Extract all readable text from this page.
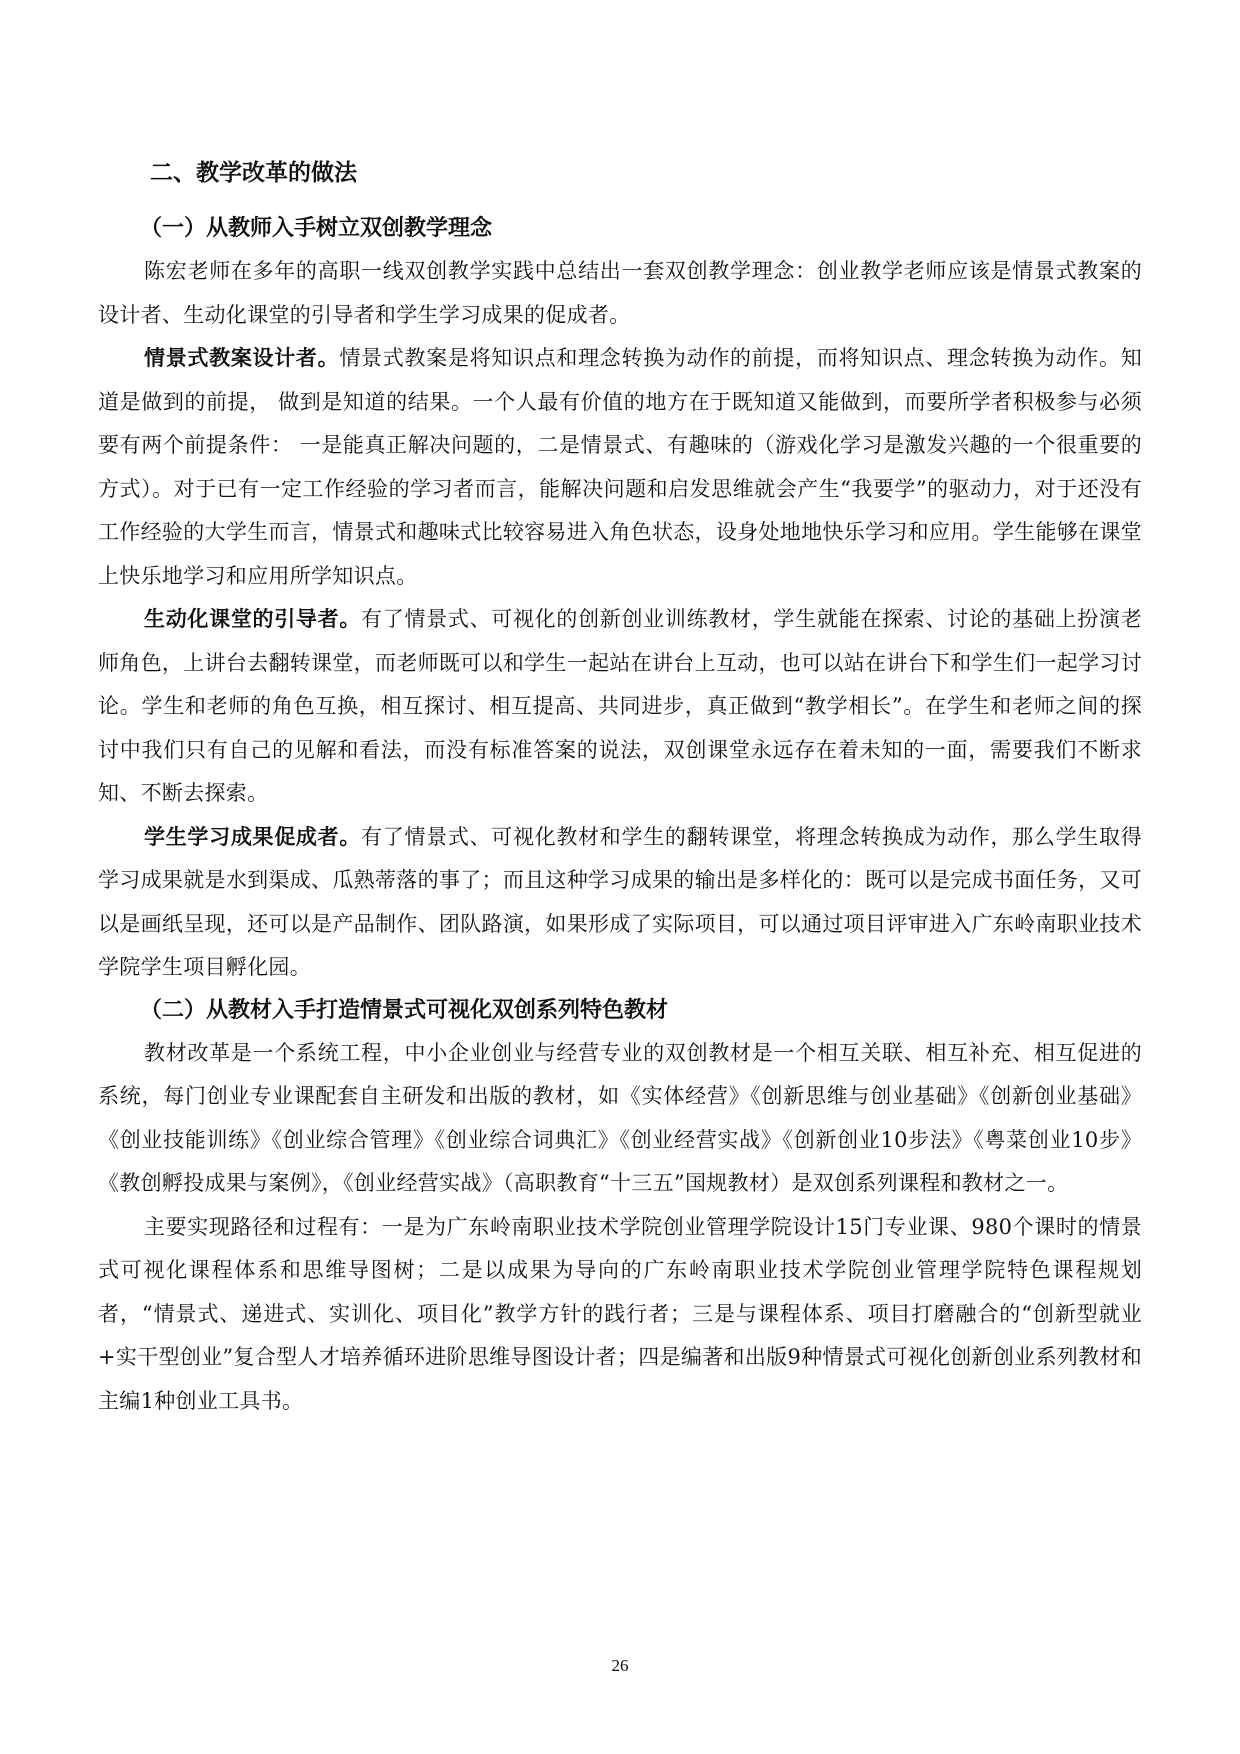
二、教学改革的做法
（一）从教师入手树立双创教学理念

陈宏老师在多年的高职一线双创教学实践中总结出一套双创教学理念：创业教学老师应该是情景式教案的设计者、生动化课堂的引导者和学生学习成果的促成者。

情景式教案设计者。情景式教案是将知识点和理念转换为动作的前提，而将知识点、理念转换为动作。知道是做到的前提， 做到是知道的结果。一个人最有价值的地方在于既知道又能做到，而要所学者积极参与必须要有两个前提条件： 一是能真正解决问题的，二是情景式、有趣味的（游戏化学习是激发兴趣的一个很重要的方式）。对于已有一定工作经验的学习者而言，能解决问题和启发思维就会产生“我要学”的驱动力，对于还没有工作经验的大学生而言，情景式和趣味式比较容易进入角色状态，设身处地地快乐学习和应用。学生能够在课堂上快乐地学习和应用所学知识点。

生动化课堂的引导者。有了情景式、可视化的创新创业训练教材，学生就能在探索、讨论的基础上扮演老师角色，上讲台去翻转课堂，而老师既可以和学生一起站在讲台上互动，也可以站在讲台下和学生们一起学习讨论。学生和老师的角色互换，相互探讨、相互提高、共同进步，真正做到“教学相长”。在学生和老师之间的探讨中我们只有自己的见解和看法，而没有标准答案的说法，双创课堂永远存在着未知的一面，需要我们不断求知、不断去探索。

学生学习成果促成者。有了情景式、可视化教材和学生的翻转课堂，将理念转换成为动作，那么学生取得学习成果就是水到渠成、瓜熟蒂落的事了；而且这种学习成果的输出是多样化的：既可以是完成书面任务，又可以是画纸呈现，还可以是产品制作、团队路演，如果形成了实际项目，可以通过项目评审进入广东岭南职业技术学院学生项目孵化园。

（二）从教材入手打造情景式可视化双创系列特色教材

教材改革是一个系统工程，中小企业创业与经营专业的双创教材是一个相互关联、相互补充、相互促进的系统，每门创业专业课配套自主研发和出版的教材，如《实体经营》《创新思维与创业基础》《创新创业基础》《创业技能训练》《创业综合管理》《创业综合词典汇》《创业经营实战》《创新创业10步法》《粤菜创业10步》《教创孵投成果与案例》，《创业经营实战》（高职教育“十三五”国规教材）是双创系列课程和教材之一。

主要实现路径和过程有：一是为广东岭南职业技术学院创业管理学院设计15门专业课、980个课时的情景式可视化课程体系和思维导图树；二是以成果为导向的广东岭南职业技术学院创业管理学院特色课程规划者，“情景式、递进式、实训化、项目化”教学方针的践行者；三是与课程体系、项目打磨融合的“创新型就业+实干型创业”复合型人才培养循环进阶思维导图设计者；四是编著和出版9种情景式可视化创新创业系列教材和主编1种创业工具书。

26
